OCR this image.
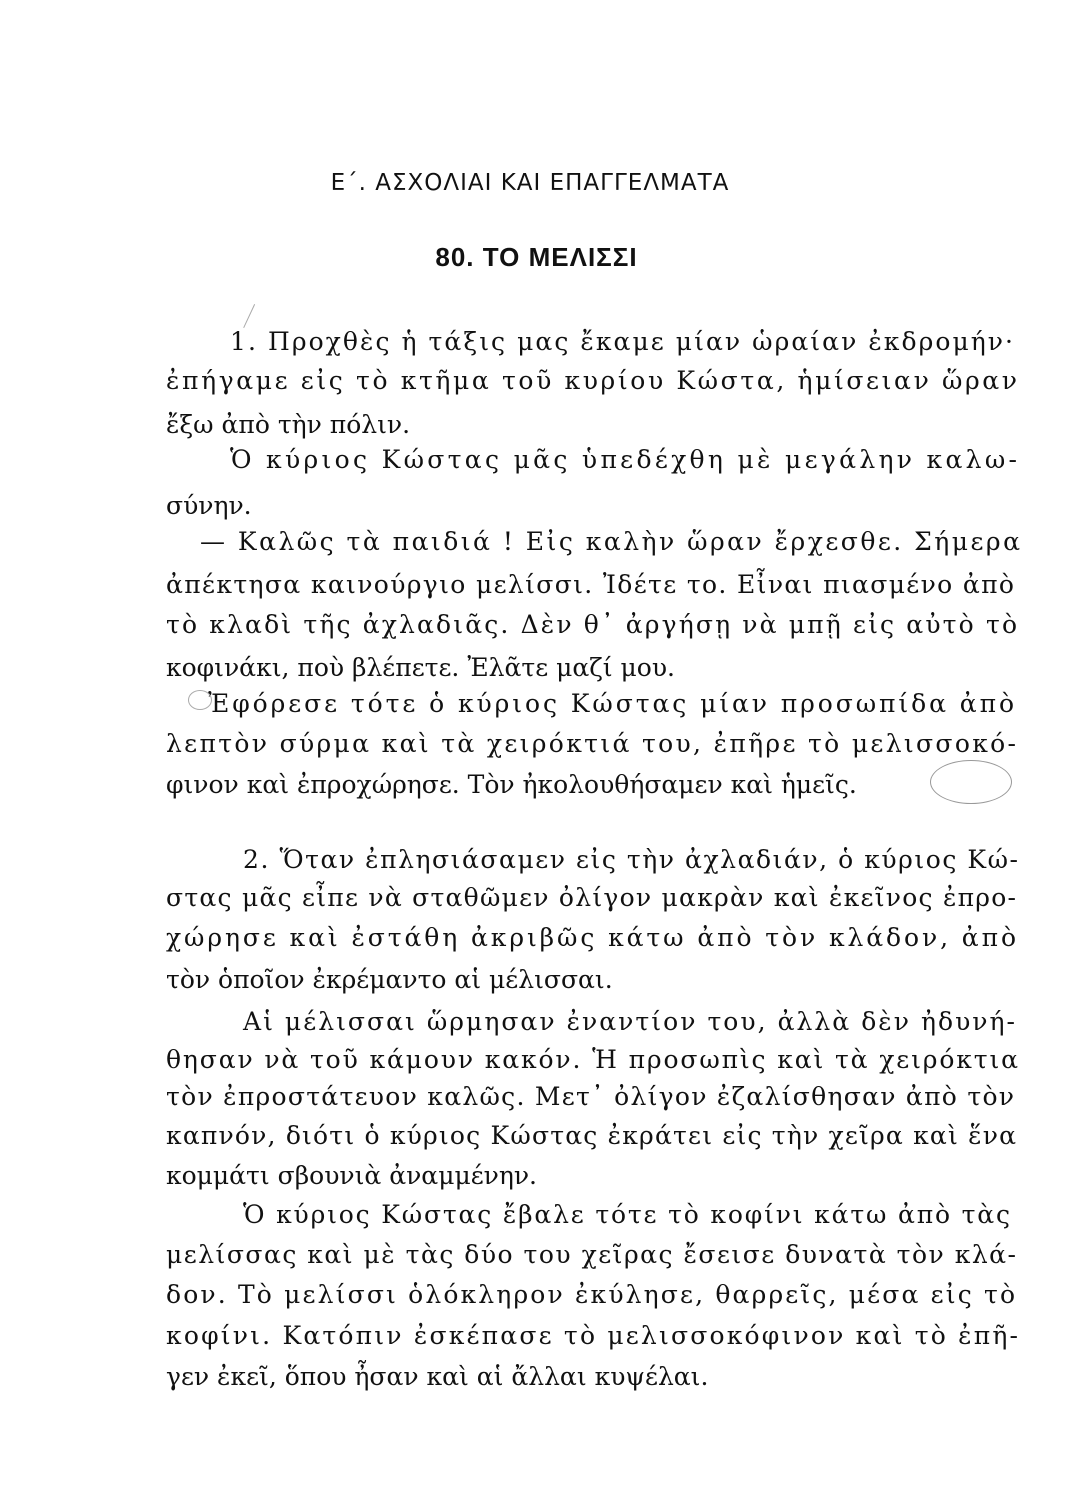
Ε΄. ΑΣΧΟΛΙΑΙ ΚΑΙ ΕΠΑΓΓΕΛΜΑΤΑ
80. ΤΟ ΜΕΛΙΣΣΙ
1. Προχθὲς ἡ τάξις μας ἔκαμε μίαν ὡραίαν ἐκδρομήν·
ἐπήγαμε εἰς τὸ κτῆμα τοῦ κυρίου Κώστα, ἡμίσειαν ὥραν
ἔξω ἀπὸ τὴν πόλιν.
Ὁ κύριος Κώστας μᾶς ὑπεδέχθη μὲ μεγάλην καλω-
σύνην.
— Καλῶς τὰ παιδιά ! Εἰς καλὴν ὥραν ἔρχεσθε. Σήμερα
ἀπέκτησα καινούργιο μελίσσι. Ἰδέτε το. Εἶναι πιασμένο ἀπὸ
τὸ κλαδὶ τῆς ἀχλαδιᾶς. Δὲν θ᾽ ἀργήσῃ νὰ μπῇ εἰς αὐτὸ τὸ
κοφινάκι, ποὺ βλέπετε. Ἐλᾶτε μαζί μου.
Ἐφόρεσε τότε ὁ κύριος Κώστας μίαν προσωπίδα ἀπὸ
λεπτὸν σύρμα καὶ τὰ χειρόκτιά του, ἐπῆρε τὸ μελισσοκό-
φινον καὶ ἐπροχώρησε. Τὸν ἠκολουθήσαμεν καὶ ἡμεῖς.
2. Ὅταν ἐπλησιάσαμεν εἰς τὴν ἀχλαδιάν, ὁ κύριος Κώ-
στας μᾶς εἶπε νὰ σταθῶμεν ὀλίγον μακρὰν καὶ ἐκεῖνος ἐπρο-
χώρησε καὶ ἐστάθη ἀκριβῶς κάτω ἀπὸ τὸν κλάδον, ἀπὸ
τὸν ὁποῖον ἐκρέμαντο αἱ μέλισσαι.
Αἱ μέλισσαι ὥρμησαν ἐναντίον του, ἀλλὰ δὲν ἠδυνή-
θησαν νὰ τοῦ κάμουν κακόν. Ἡ προσωπὶς καὶ τὰ χειρόκτια
τὸν ἐπροστάτευον καλῶς. Μετ᾽ ὀλίγον ἐζαλίσθησαν ἀπὸ τὸν
καπνόν, διότι ὁ κύριος Κώστας ἐκράτει εἰς τὴν χεῖρα καὶ ἕνα
κομμάτι σβουνιὰ ἀναμμένην.
Ὁ κύριος Κώστας ἔβαλε τότε τὸ κοφίνι κάτω ἀπὸ τὰς
μελίσσας καὶ μὲ τὰς δύο του χεῖρας ἔσεισε δυνατὰ τὸν κλά-
δον. Τὸ μελίσσι ὁλόκληρον ἐκύλησε, θαρρεῖς, μέσα εἰς τὸ
κοφίνι. Κατόπιν ἐσκέπασε τὸ μελισσοκόφινον καὶ τὸ ἐπῆ-
γεν ἐκεῖ, ὅπου ἦσαν καὶ αἱ ἄλλαι κυψέλαι.
